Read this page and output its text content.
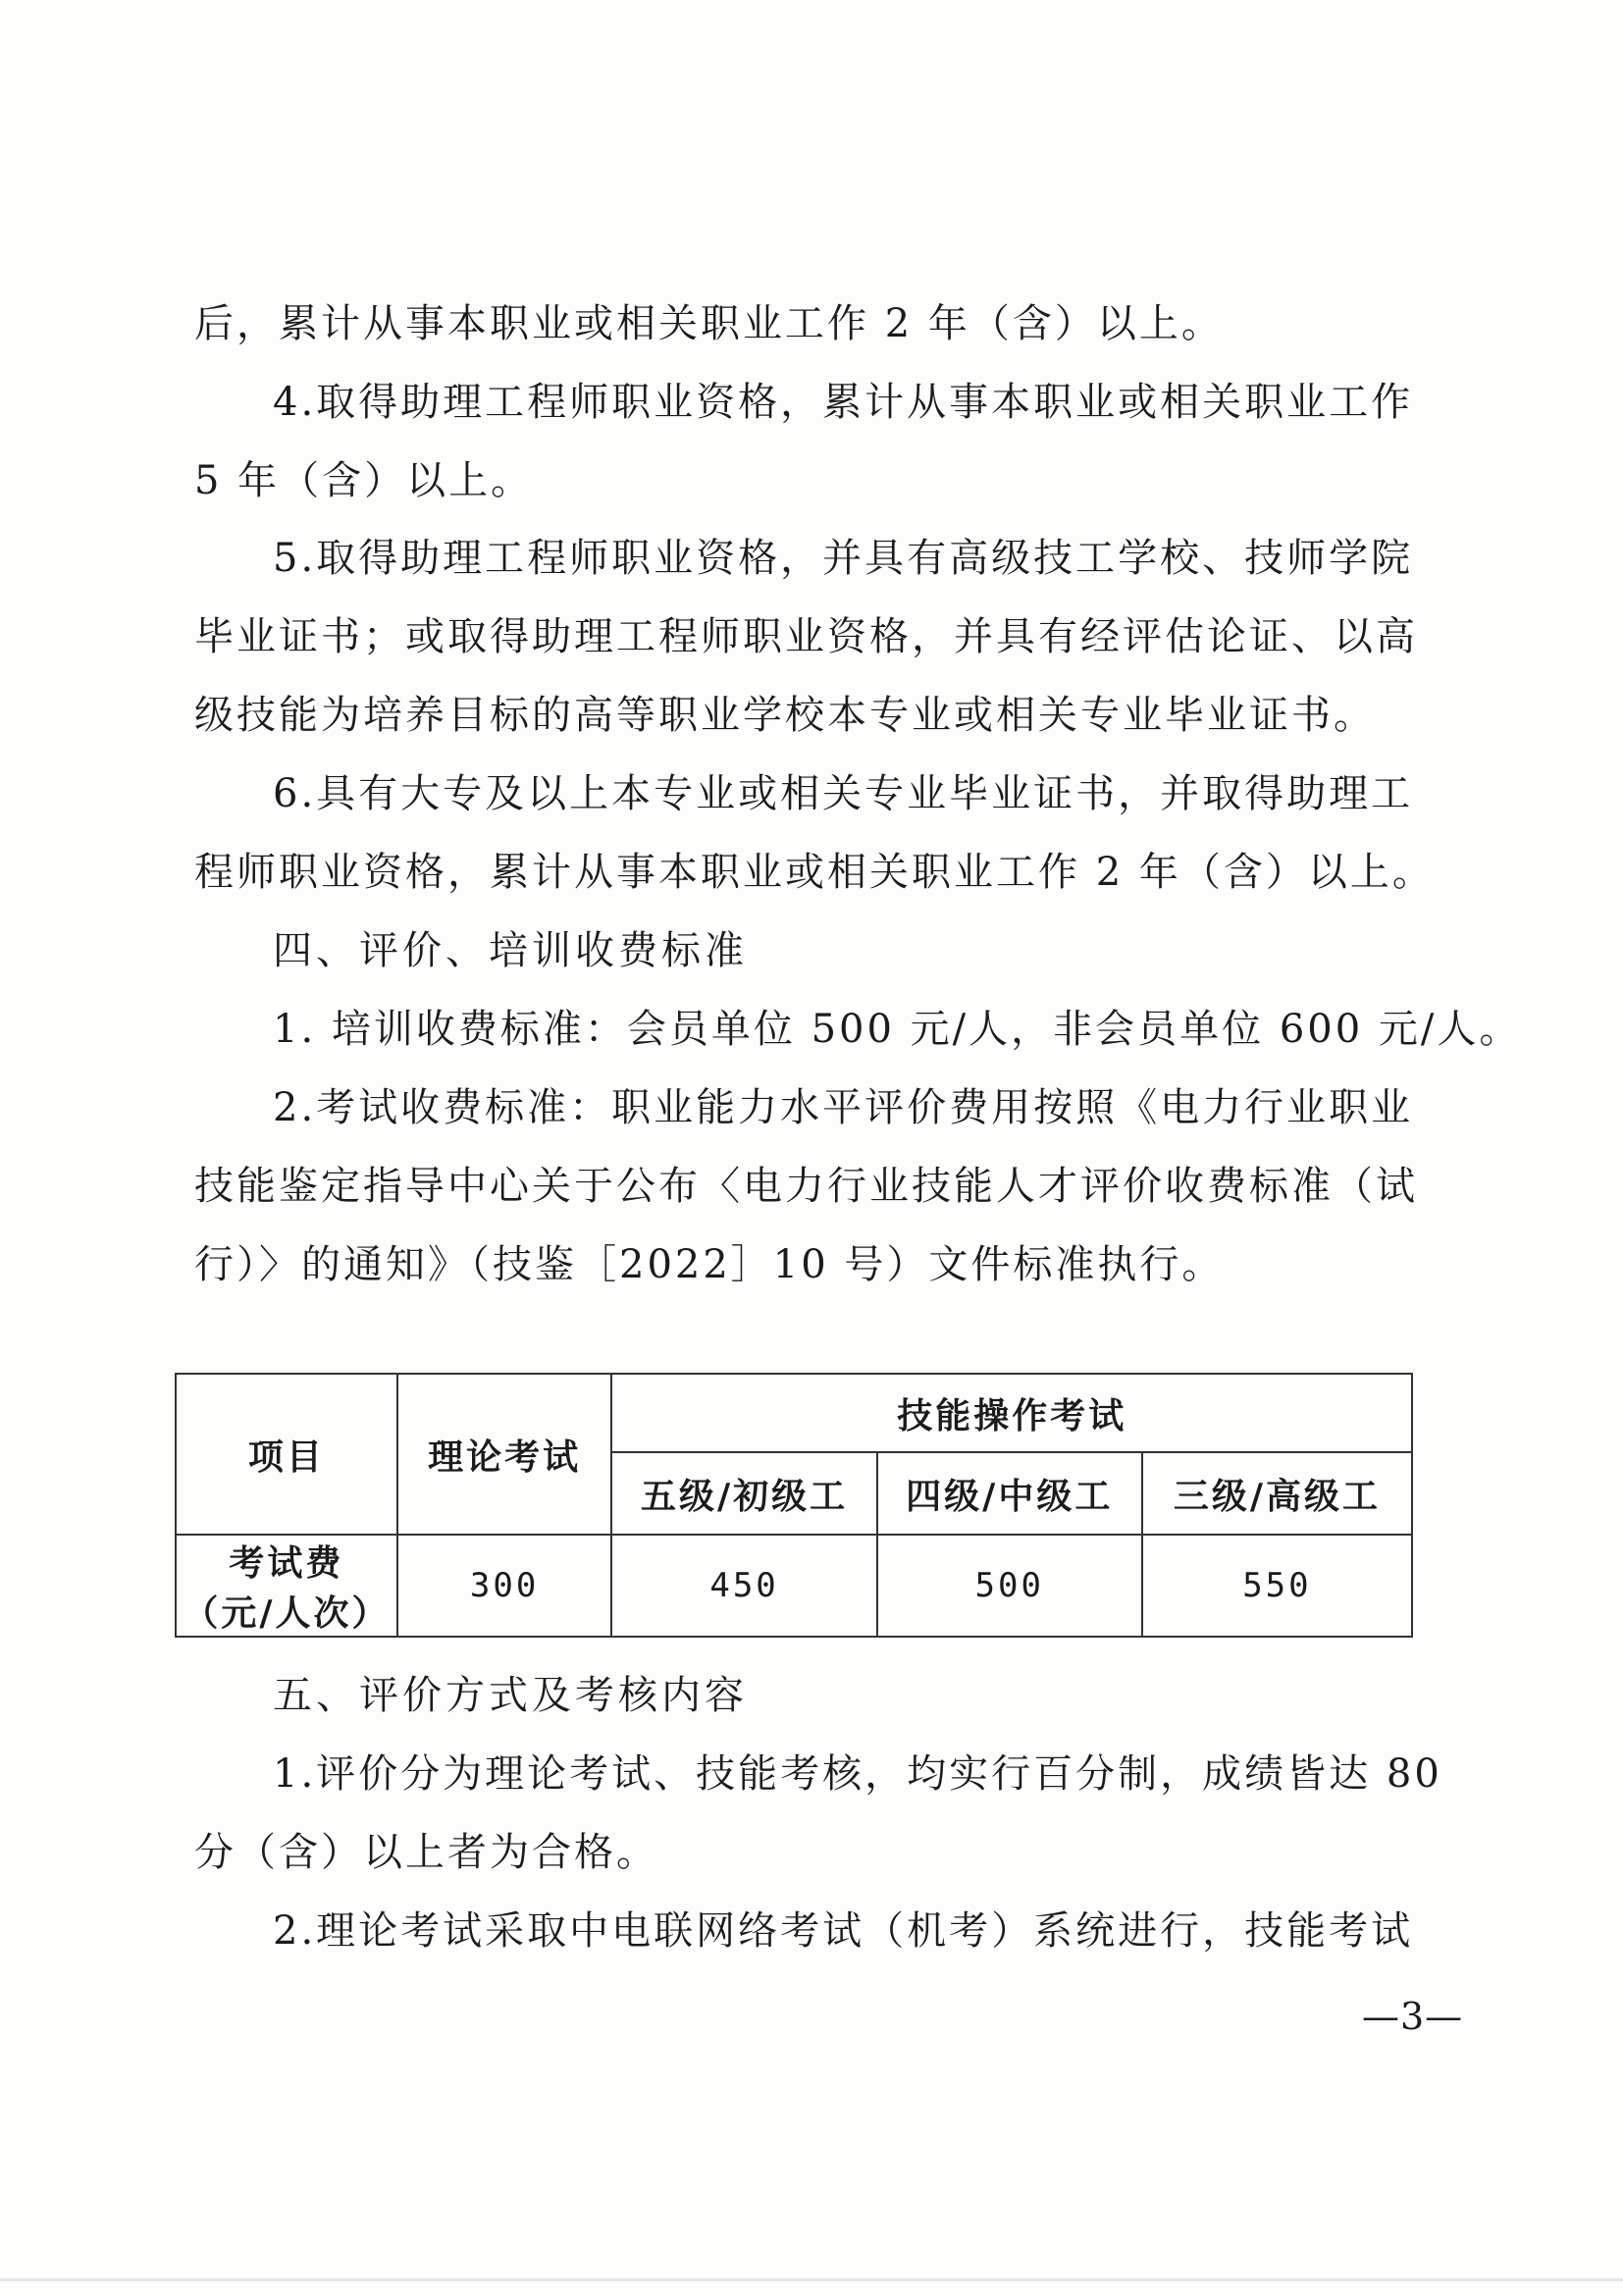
后，累计从事本职业或相关职业工作 2 年（含）以上。
4.取得助理工程师职业资格，累计从事本职业或相关职业工作
5 年（含）以上。
5.取得助理工程师职业资格，并具有高级技工学校、技师学院
毕业证书；或取得助理工程师职业资格，并具有经评估论证、以高
级技能为培养目标的高等职业学校本专业或相关专业毕业证书。
6.具有大专及以上本专业或相关专业毕业证书，并取得助理工
程师职业资格，累计从事本职业或相关职业工作 2 年（含）以上。
四、评价、培训收费标准
1. 培训收费标准：会员单位 500 元/人，非会员单位 600 元/人。
2.考试收费标准：职业能力水平评价费用按照《电力行业职业
技能鉴定指导中心关于公布〈电力行业技能人才评价收费标准（试
行）〉的通知》（技鉴［2022］10 号）文件标准执行。
项目	理论考试	技能操作考试		
		五级/初级工	四级/中级工	三级/高级工

考试费
（元/人次）	300	450	500	550
五、评价方式及考核内容
1.评价分为理论考试、技能考核，均实行百分制，成绩皆达 80
分（含）以上者为合格。
2.理论考试采取中电联网络考试（机考）系统进行，技能考试
—3—
